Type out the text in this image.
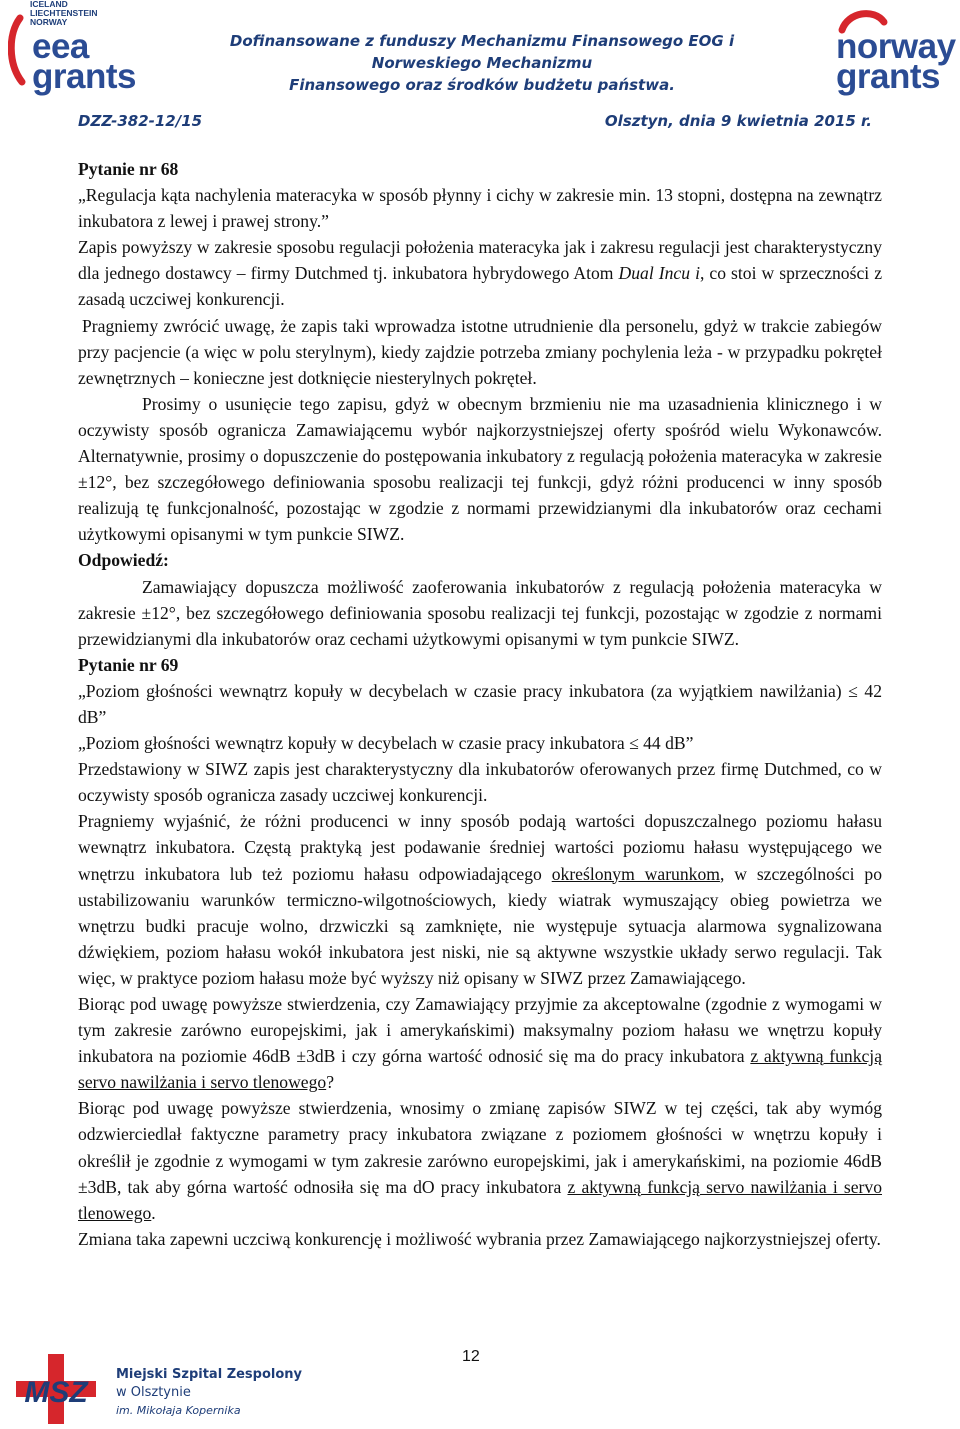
ICELAND
LIECHTENSTEIN
NORWAY
eea
grants
Dofinansowane z funduszy Mechanizmu Finansowego EOG i Norweskiego Mechanizmu
Finansowego oraz środków budżetu państwa.
norway
grants
DZZ-382-12/15	Olsztyn, dnia 9 kwietnia 2015 r.

Pytanie nr 68

„Regulacja kąta nachylenia materacyka w sposób płynny i cichy w zakresie min. 13 stopni, dostępna na zewnątrz inkubatora z lewej i prawej strony.”

Zapis powyższy w zakresie sposobu regulacji położenia materacyka jak i zakresu regulacji jest charakterystyczny dla jednego dostawcy – firmy Dutchmed tj. inkubatora hybrydowego Atom Dual Incu i, co stoi w sprzeczności z zasadą uczciwej konkurencji.

Pragniemy zwrócić uwagę, że zapis taki wprowadza istotne utrudnienie dla personelu, gdyż w trakcie zabiegów przy pacjencie (a więc w polu sterylnym), kiedy zajdzie potrzeba zmiany pochylenia leża - w przypadku pokręteł zewnętrznych – konieczne jest dotknięcie niesterylnych pokręteł.

Prosimy o usunięcie tego zapisu, gdyż w obecnym brzmieniu nie ma uzasadnienia klinicznego i w oczywisty sposób ogranicza Zamawiającemu wybór najkorzystniejszej oferty spośród wielu Wykonawców. Alternatywnie, prosimy o dopuszczenie do postępowania inkubatory z regulacją położenia materacyka w zakresie ±12°, bez szczegółowego definiowania sposobu realizacji tej funkcji, gdyż różni producenci w inny sposób realizują tę funkcjonalność, pozostając w zgodzie z normami przewidzianymi dla inkubatorów oraz cechami użytkowymi opisanymi w tym punkcie SIWZ.

Odpowiedź:

Zamawiający dopuszcza możliwość zaoferowania inkubatorów z regulacją położenia materacyka w zakresie ±12°, bez szczegółowego definiowania sposobu realizacji tej funkcji, pozostając w zgodzie z normami przewidzianymi dla inkubatorów oraz cechami użytkowymi opisanymi w tym punkcie SIWZ.

Pytanie nr 69

„Poziom głośności wewnątrz kopuły w decybelach w czasie pracy inkubatora (za wyjątkiem nawilżania) ≤ 42 dB”

„Poziom głośności wewnątrz kopuły w decybelach w czasie pracy inkubatora ≤ 44 dB”

Przedstawiony w SIWZ zapis jest charakterystyczny dla inkubatorów oferowanych przez firmę Dutchmed, co w oczywisty sposób ogranicza zasady uczciwej konkurencji.

Pragniemy wyjaśnić, że różni producenci w inny sposób podają wartości dopuszczalnego poziomu hałasu wewnątrz inkubatora. Częstą praktyką jest podawanie średniej wartości poziomu hałasu występującego we wnętrzu inkubatora lub też poziomu hałasu odpowiadającego określonym warunkom, w szczególności po ustabilizowaniu warunków termiczno-wilgotnościowych, kiedy wiatrak wymuszający obieg powietrza we wnętrzu budki pracuje wolno, drzwiczki są zamknięte, nie występuje sytuacja alarmowa sygnalizowana dźwiękiem, poziom hałasu wokół inkubatora jest niski, nie są aktywne wszystkie układy serwo regulacji. Tak więc, w praktyce poziom hałasu może być wyższy niż opisany w SIWZ przez Zamawiającego.

Biorąc pod uwagę powyższe stwierdzenia, czy Zamawiający przyjmie za akceptowalne (zgodnie z wymogami w tym zakresie zarówno europejskimi, jak i amerykańskimi) maksymalny poziom hałasu we wnętrzu kopuły inkubatora na poziomie 46dB ±3dB i czy górna wartość odnosić się ma do pracy inkubatora z aktywną funkcją servo nawilżania i servo tlenowego?

Biorąc pod uwagę powyższe stwierdzenia, wnosimy o zmianę zapisów SIWZ w tej części, tak aby wymóg odzwierciedlał faktyczne parametry pracy inkubatora związane z poziomem głośności w wnętrzu kopuły i określił je zgodnie z wymogami w tym zakresie zarówno europejskimi, jak i amerykańskimi, na poziomie 46dB ±3dB, tak aby górna wartość odnosiła się ma dO pracy inkubatora z aktywną funkcją servo nawilżania i servo tlenowego.

Zmiana taka zapewni uczciwą konkurencję i możliwość wybrania przez Zamawiającego najkorzystniejszej oferty.

12
MSZ
Miejski Szpital Zespolony
w Olsztynie
im. Mikołaja Kopernika
